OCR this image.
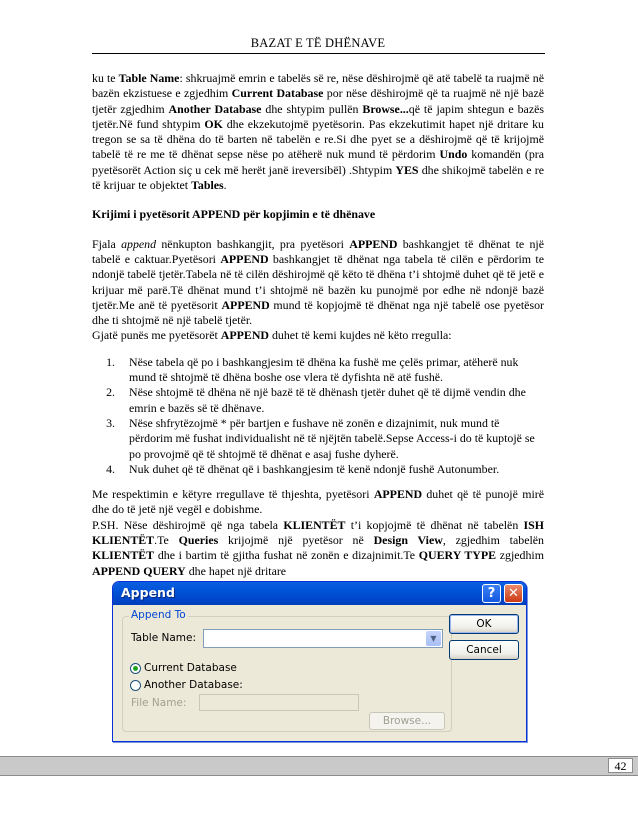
BAZAT E TË DHËNAVE

ku te Table Name: shkruajmë emrin e tabelës së re, nëse dëshirojmë që atë tabelë ta ruajmë në bazën ekzistuese e zgjedhim Current Database por nëse dëshirojmë që ta ruajmë në një bazë tjetër zgjedhim Another Database dhe shtypim pullën Browse...që të japim shtegun e bazës tjetër.Në fund shtypim OK dhe ekzekutojmë pyetësorin. Pas ekzekutimit hapet një dritare ku tregon se sa të dhëna do të barten në tabelën e re.Si dhe pyet se a dëshirojmë që të krijojmë tabelë të re me të dhënat sepse nëse po atëherë nuk mund të përdorim Undo komandën (pra pyetësorët Action siç u cek më herët janë ireversibël) .Shtypim YES dhe shikojmë tabelën e re të krijuar te objektet Tables.

Krijimi i pyetësorit APPEND për kopjimin e të dhënave

Fjala append nënkupton bashkangjit, pra pyetësori APPEND bashkangjet të dhënat te një tabelë e caktuar.Pyetësori APPEND bashkangjet të dhënat nga tabela të cilën e përdorim te ndonjë tabelë tjetër.Tabela në të cilën dëshirojmë që këto të dhëna t’i shtojmë duhet që të jetë e krijuar më parë.Të dhënat mund t’i shtojmë në bazën ku punojmë por edhe në ndonjë bazë tjetër.Me anë të pyetësorit APPEND mund të kopjojmë të dhënat nga një tabelë ose pyetësor dhe ti shtojmë në një tabelë tjetër.

Gjatë punës me pyetësorët APPEND duhet të kemi kujdes në këto rregulla:

1.	Nëse tabela që po i bashkangjesim të dhëna ka fushë me çelës primar, atëherë nuk mund të shtojmë të dhëna boshe ose vlera të dyfishta në atë fushë.
2.	Nëse shtojmë të dhëna në një bazë të të dhënash tjetër duhet që të dijmë vendin dhe emrin e bazës së të dhënave.
3.	Nëse shfrytëzojmë * për bartjen e fushave në zonën e dizajnimit, nuk mund të përdorim më fushat individualisht në të njëjtën tabelë.Sepse Access-i do të kuptojë se po provojmë që të shtojmë të dhënat e asaj fushe dyherë.
4.	Nuk duhet që të dhënat që i bashkangjesim të kenë ndonjë fushë Autonumber.

Me respektimin e këtyre rregullave të thjeshta, pyetësori APPEND duhet që të punojë mirë dhe do të jetë një vegël e dobishme.

P.SH. Nëse dëshirojmë që nga tabela KLIENTËT t’i kopjojmë të dhënat në tabelën ISH KLIENTËT.Te Queries krijojmë një pyetësor në Design View, zgjedhim tabelën KLIENTËT dhe i bartim të gjitha fushat në zonën e dizajnimit.Te QUERY TYPE zgjedhim APPEND QUERY dhe hapet një dritare

Append	? ✕
Append To
Table Name:	▼
Current Database
Another Database:
File Name:
Browse...
OK
Cancel
42
